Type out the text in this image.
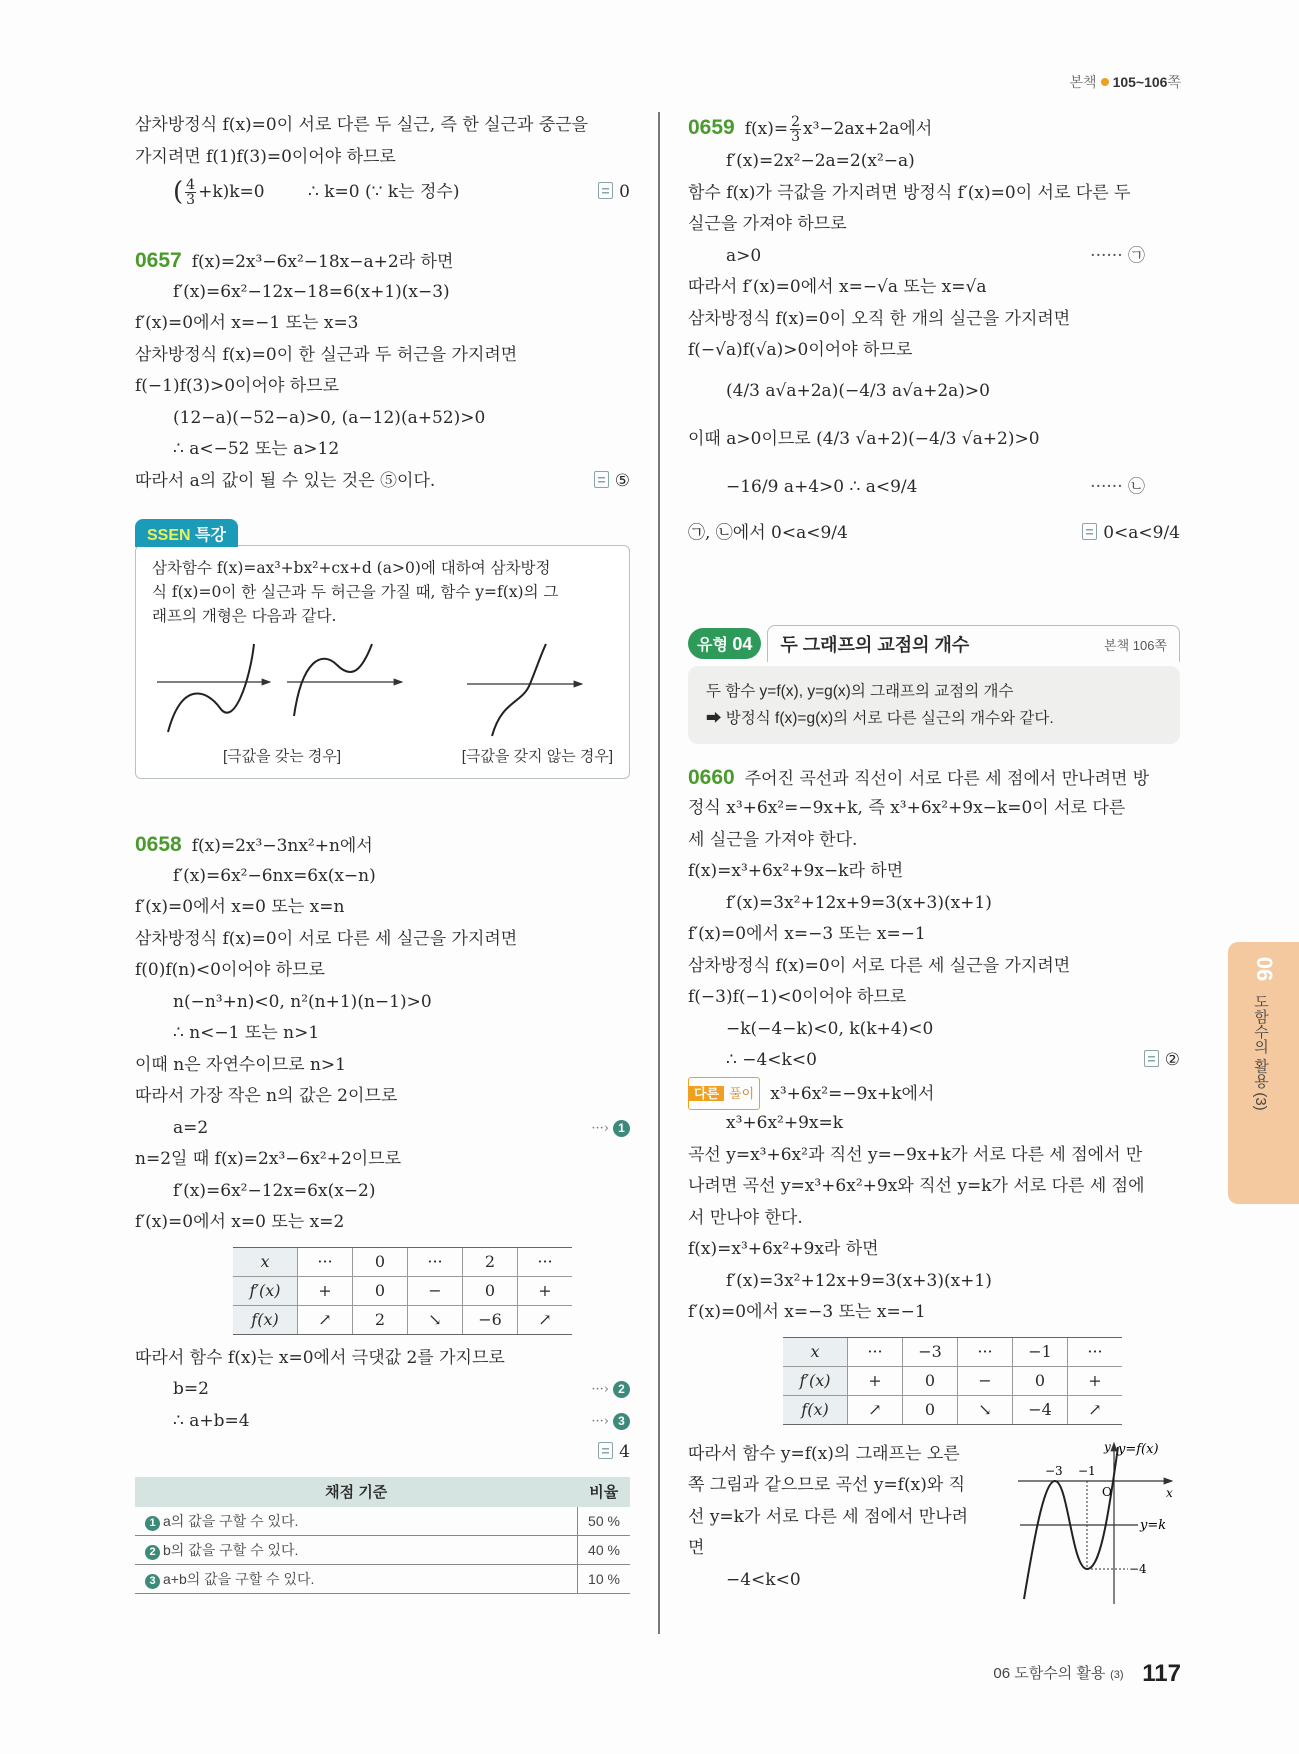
본책 105~106쪽
삼차방정식 f(x)=0이 서로 다른 두 실근, 즉 한 실근과 중근을
가지려면 f(1)f(3)=0이어야 하므로
( $\frac{4}{3} +k)k=0$	∴ k=0 (∵ k는 정수)	0
0657 f(x)=2x³−6x²−18x−a+2라 하면
f′(x)=6x²−12x−18=6(x+1)(x−3)
f′(x)=0에서 x=−1 또는 x=3
삼차방정식 f(x)=0이 한 실근과 두 허근을 가지려면
f(−1)f(3)>0이어야 하므로
(12−a)(−52−a)>0, (a−12)(a+52)>0
∴ a<−52 또는 a>12
따라서 a의 값이 될 수 있는 것은 ⑤이다.	⑤
SSEN 특강

삼차함수 f(x)=ax³+bx²+cx+d (a>0)에 대하여 삼차방정

식 f(x)=0이 한 실근과 두 허근을 가질 때, 함수 y=f(x)의 그

래프의 개형은 다음과 같다.

[극값을 갖는 경우]	[극값을 갖지 않는 경우]
0658 f(x)=2x³−3nx²+n에서
f′(x)=6x²−6nx=6x(x−n)
f′(x)=0에서 x=0 또는 x=n
삼차방정식 f(x)=0이 서로 다른 세 실근을 가지려면
f(0)f(n)<0이어야 하므로
n(−n³+n)<0, n²(n+1)(n−1)>0
∴ n<−1 또는 n>1
이때 n은 자연수이므로 n>1
따라서 가장 작은 n의 값은 2이므로
a=2	···› 1
n=2일 때 f(x)=2x³−6x²+2이므로
f′(x)=6x²−12x=6x(x−2)
f′(x)=0에서 x=0 또는 x=2
x	···	0	···	2	···
f′(x)	+	0	−	0	+
f(x)	↗	2	↘	−6	↗
따라서 함수 f(x)는 x=0에서 극댓값 2를 가지므로
b=2	···› 2
∴ a+b=4	···› 3
4
채점 기준	비율
1 a의 값을 구할 수 있다.	50 %
2 b의 값을 구할 수 있다.	40 %
3 a+b의 값을 구할 수 있다.	10 %
0659 $f(x)= \frac{2}{3} x^3-2ax+2a$에서
f′(x)=2x²−2a=2(x²−a)
함수 f(x)가 극값을 가지려면 방정식 f′(x)=0이 서로 다른 두
실근을 가져야 하므로
a>0	······ ㉠
따라서 f′(x)=0에서 x=−√a 또는 x=√a
삼차방정식 f(x)=0이 오직 한 개의 실근을 가지려면
f(−√a)f(√a)>0이어야 하므로
(4/3 a√a+2a)(−4/3 a√a+2a)>0
이때 a>0이므로 (4/3 √a+2)(−4/3 √a+2)>0
−16/9 a+4>0 ∴ a<9/4	······ ㉡
㉠, ㉡에서 0<a<9/4	0<a<9/4
유형 04	두 그래프의 교점의 개수	본책 106쪽
두 함수 y=f(x), y=g(x)의 그래프의 교점의 개수
➡ 방정식 f(x)=g(x)의 서로 다른 실근의 개수와 같다.
0660 주어진 곡선과 직선이 서로 다른 세 점에서 만나려면 방
정식 x³+6x²=−9x+k, 즉 x³+6x²+9x−k=0이 서로 다른
세 실근을 가져야 한다.
f(x)=x³+6x²+9x−k라 하면
f′(x)=3x²+12x+9=3(x+3)(x+1)
f′(x)=0에서 x=−3 또는 x=−1
삼차방정식 f(x)=0이 서로 다른 세 실근을 가지려면
f(−3)f(−1)<0이어야 하므로
−k(−4−k)<0, k(k+4)<0
∴ −4<k<0	②
다른 풀이 x³+6x²=−9x+k에서
x³+6x²+9x=k
곡선 y=x³+6x²과 직선 y=−9x+k가 서로 다른 세 점에서 만
나려면 곡선 y=x³+6x²+9x와 직선 y=k가 서로 다른 세 점에
서 만나야 한다.
f(x)=x³+6x²+9x라 하면
f′(x)=3x²+12x+9=3(x+3)(x+1)
f′(x)=0에서 x=−3 또는 x=−1
x	···	−3	···	−1	···
f′(x)	+	0	−	0	+
f(x)	↗	0	↘	−4	↗
따라서 함수 y=f(x)의 그래프는 오른
쪽 그림과 같으므로 곡선 y=f(x)와 직
선 y=k가 서로 다른 세 점에서 만나려
면
−4<k<0
y=f(x)
y
x
O
y=k
−3 −1
−4
06
도함수의 활용 (3)
06 도함수의 활용 (3) 117
